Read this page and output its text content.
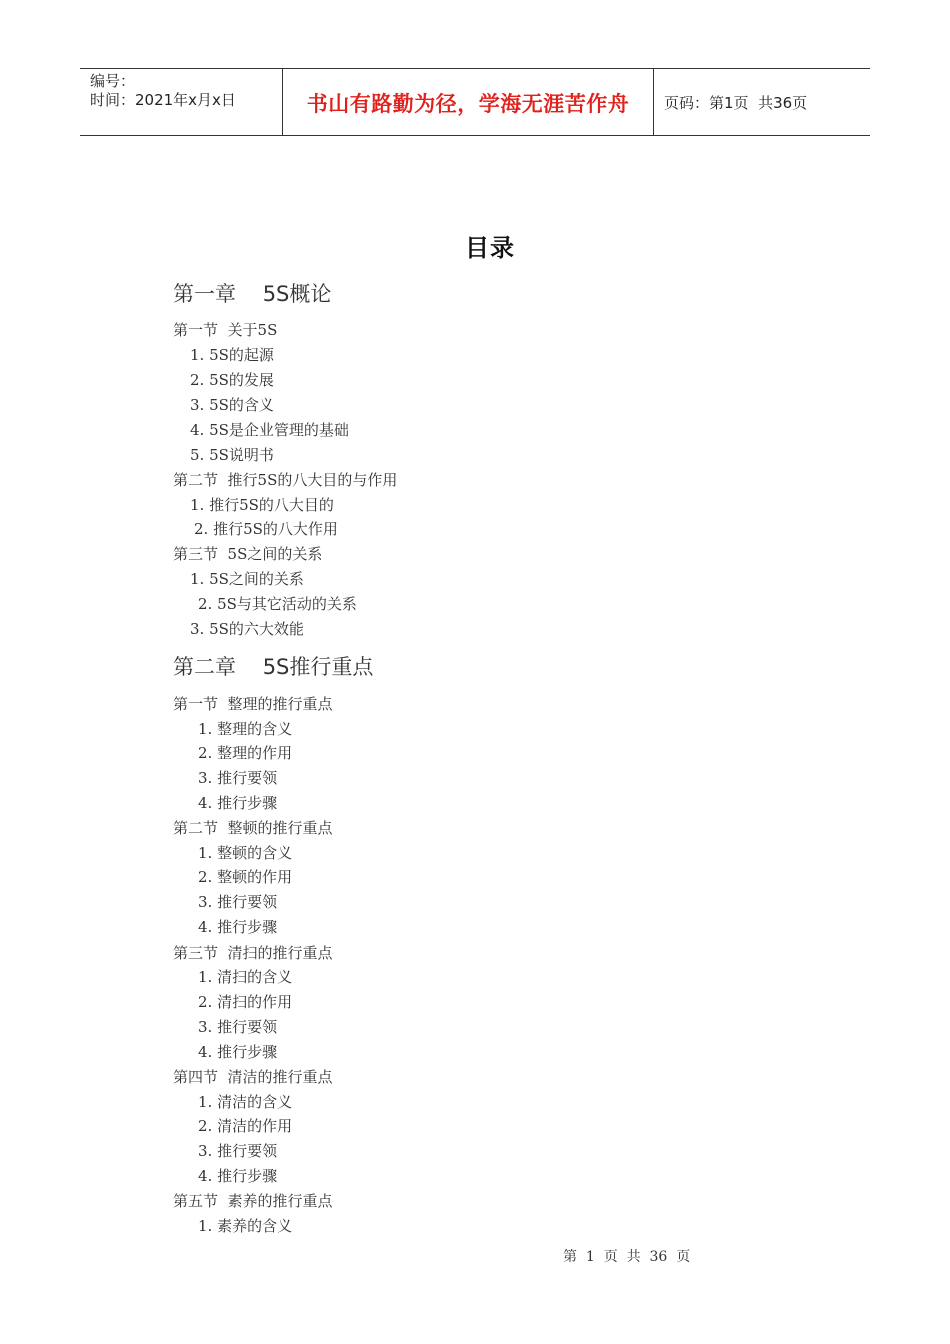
编号：
时间：2021年x月x日	书山有路勤为径，学海无涯苦作舟 页码：第1页  共36页
目录
第一章    5S概论
第一节  关于5S
1. 5S的起源
2. 5S的发展
3. 5S的含义
4. 5S是企业管理的基础
5. 5S说明书
第二节  推行5S的八大目的与作用
1. 推行5S的八大目的
2. 推行5S的八大作用
第三节  5S之间的关系
1. 5S之间的关系
2. 5S与其它活动的关系
3. 5S的六大效能
第二章    5S推行重点
第一节  整理的推行重点
1. 整理的含义
2. 整理的作用
3. 推行要领
4. 推行步骤
第二节  整顿的推行重点
1. 整顿的含义
2. 整顿的作用
3. 推行要领
4. 推行步骤
第三节  清扫的推行重点
1. 清扫的含义
2. 清扫的作用
3. 推行要领
4. 推行步骤
第四节  清洁的推行重点
1. 清洁的含义
2. 清洁的作用
3. 推行要领
4. 推行步骤
第五节  素养的推行重点
1. 素养的含义
第  1  页  共  36  页
